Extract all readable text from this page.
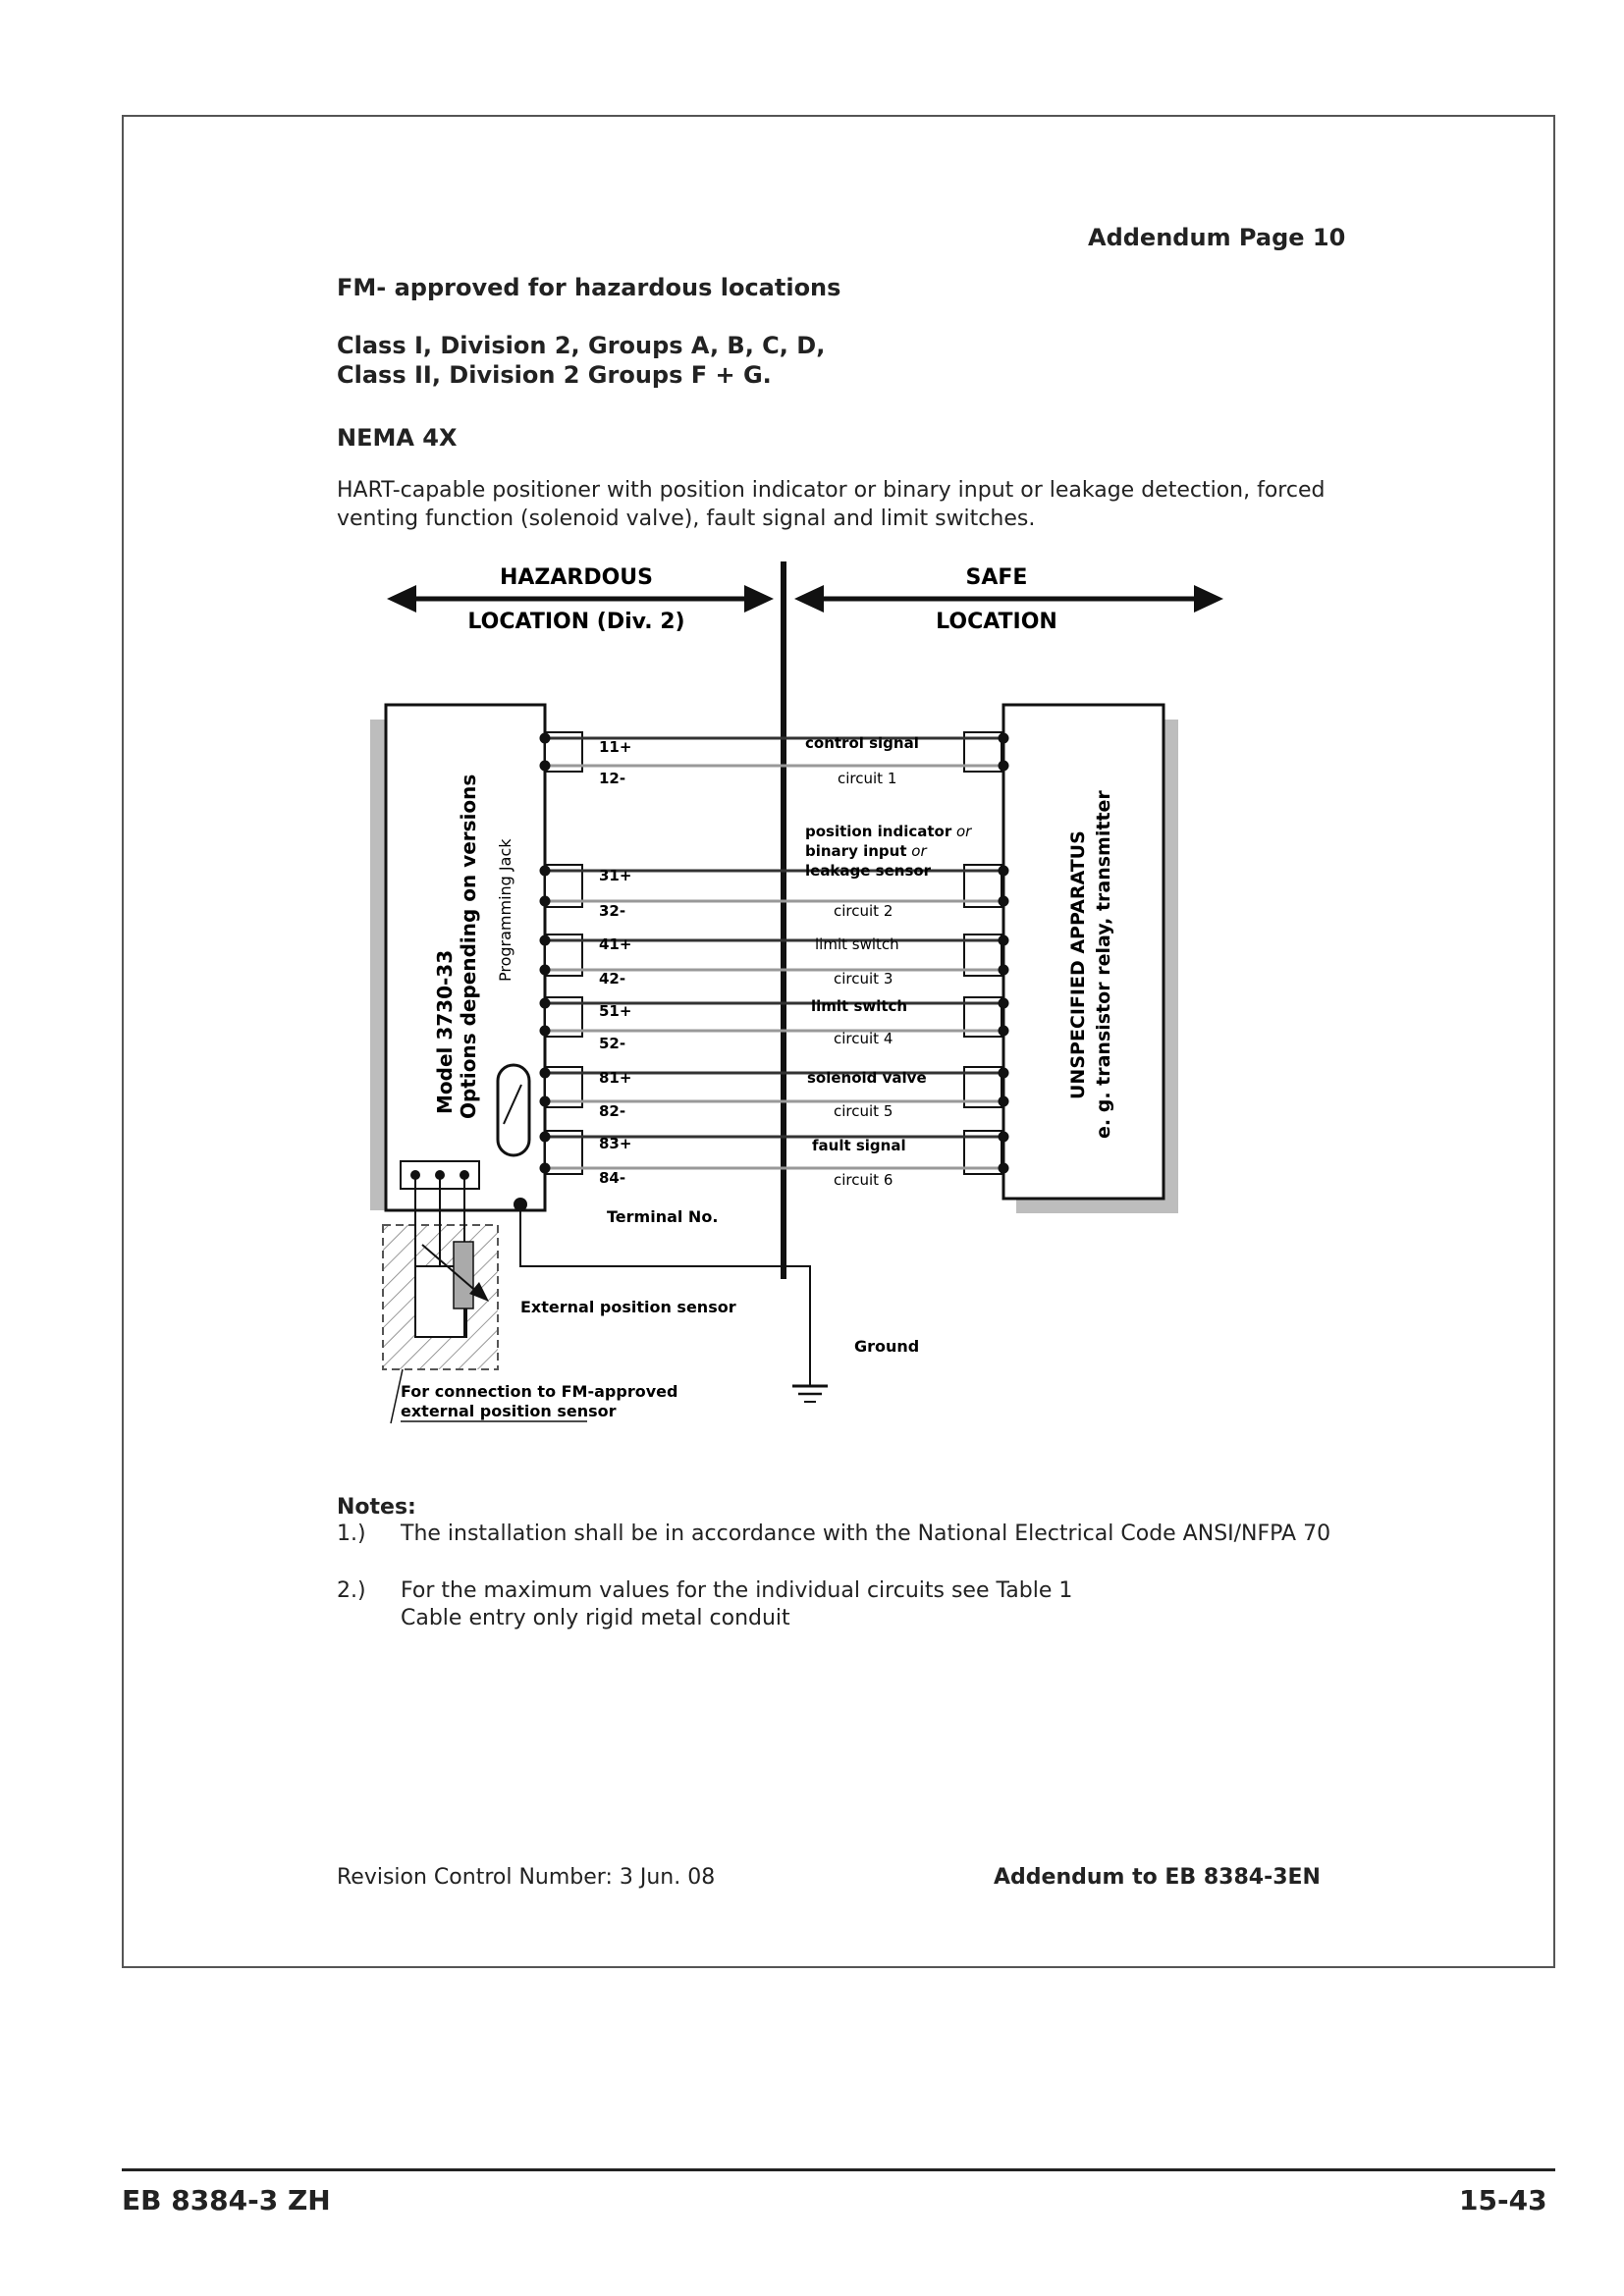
Addendum Page 10
FM- approved for hazardous locations
Class I, Division 2, Groups A, B, C, D,
Class II, Division 2 Groups F + G.
NEMA 4X
HART-capable positioner with position indicator or binary input or leakage detection, forced
venting function (solenoid valve), fault signal and limit switches.
HAZARDOUS
LOCATION (Div. 2)
SAFE
LOCATION
Model 3730-33 Options depending on versions Programming Jack
External position sensor
For connection to FM-approved
external position sensor
Ground
UNSPECIFIED APPARATUS e. g. transistor relay, transmitter
11+
12-
31+
32-
41+
42-
51+
52-
81+
82-
83+
84-
Terminal No.
control signal
circuit 1
position indicator or
binary input or
leakage sensor
circuit 2
limit switch
circuit 3
limit switch
circuit 4
solenoid valve
circuit 5
fault signal
circuit 6
Notes:
1.) The installation shall be in accordance with the National Electrical Code ANSI/NFPA 70
2.) For the maximum values for the individual circuits see Table 1
Cable entry only rigid metal conduit
Revision Control Number: 3 Jun. 08	Addendum to EB 8384-3EN
EB 8384-3 ZH	15-43
